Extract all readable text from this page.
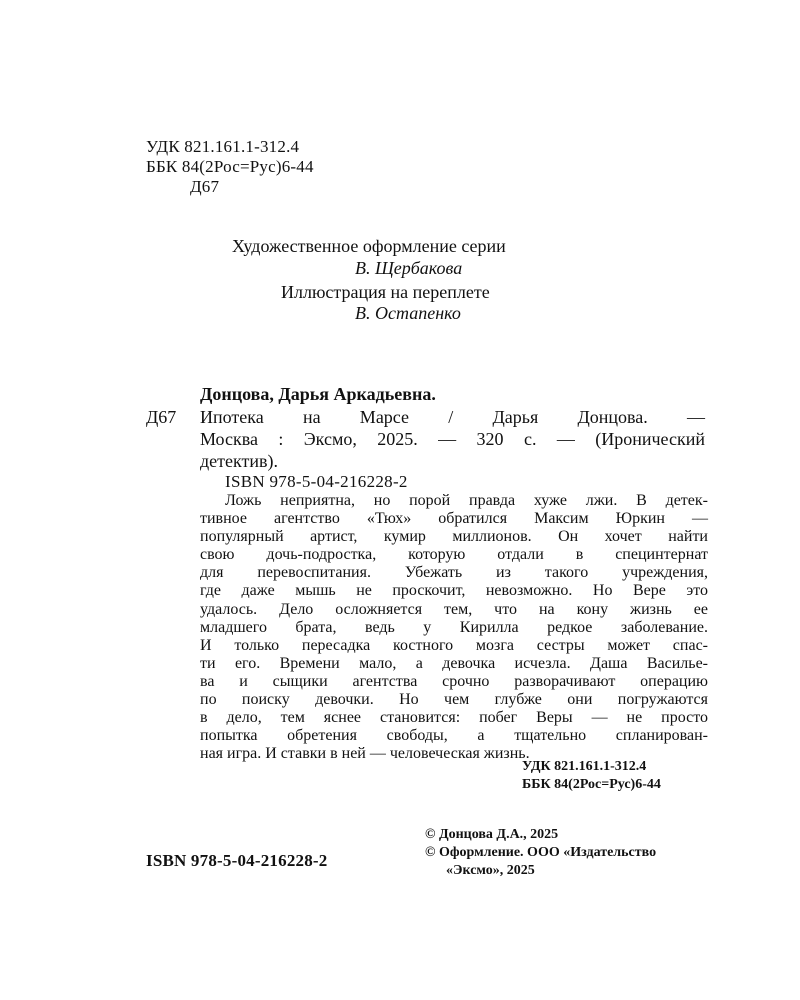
УДК 821.161.1-312.4
ББК 84(2Рос=Рус)6-44
Д67
Художественное оформление серии
В. Щербакова
Иллюстрация на переплете
В. Остапенко
Донцова, Дарья Аркадьевна.
Д67 Ипотека на Марсе / Дарья Донцова. —
Москва : Эксмо, 2025. — 320 с. — (Иронический
детектив).
ISBN 978-5-04-216228-2
Ложь неприятна, но порой правда хуже лжи. В детек-
тивное агентство «Тюх» обратился Максим Юркин —
популярный артист, кумир миллионов. Он хочет найти
свою дочь-подростка, которую отдали в специнтернат
для перевоспитания. Убежать из такого учреждения,
где даже мышь не проскочит, невозможно. Но Вере это
удалось. Дело осложняется тем, что на кону жизнь ее
младшего брата, ведь у Кирилла редкое заболевание.
И только пересадка костного мозга сестры может спас-
ти его. Времени мало, а девочка исчезла. Даша Василье-
ва и сыщики агентства срочно разворачивают операцию
по поиску девочки. Но чем глубже они погружаются
в дело, тем яснее становится: побег Веры — не просто
попытка обретения свободы, а тщательно спланирован-
ная игра. И ставки в ней — человеческая жизнь.
УДК 821.161.1-312.4
ББК 84(2Рос=Рус)6-44
© Донцова Д.А., 2025
© Оформление. ООО «Издательство
«Эксмо», 2025
ISBN 978-5-04-216228-2
